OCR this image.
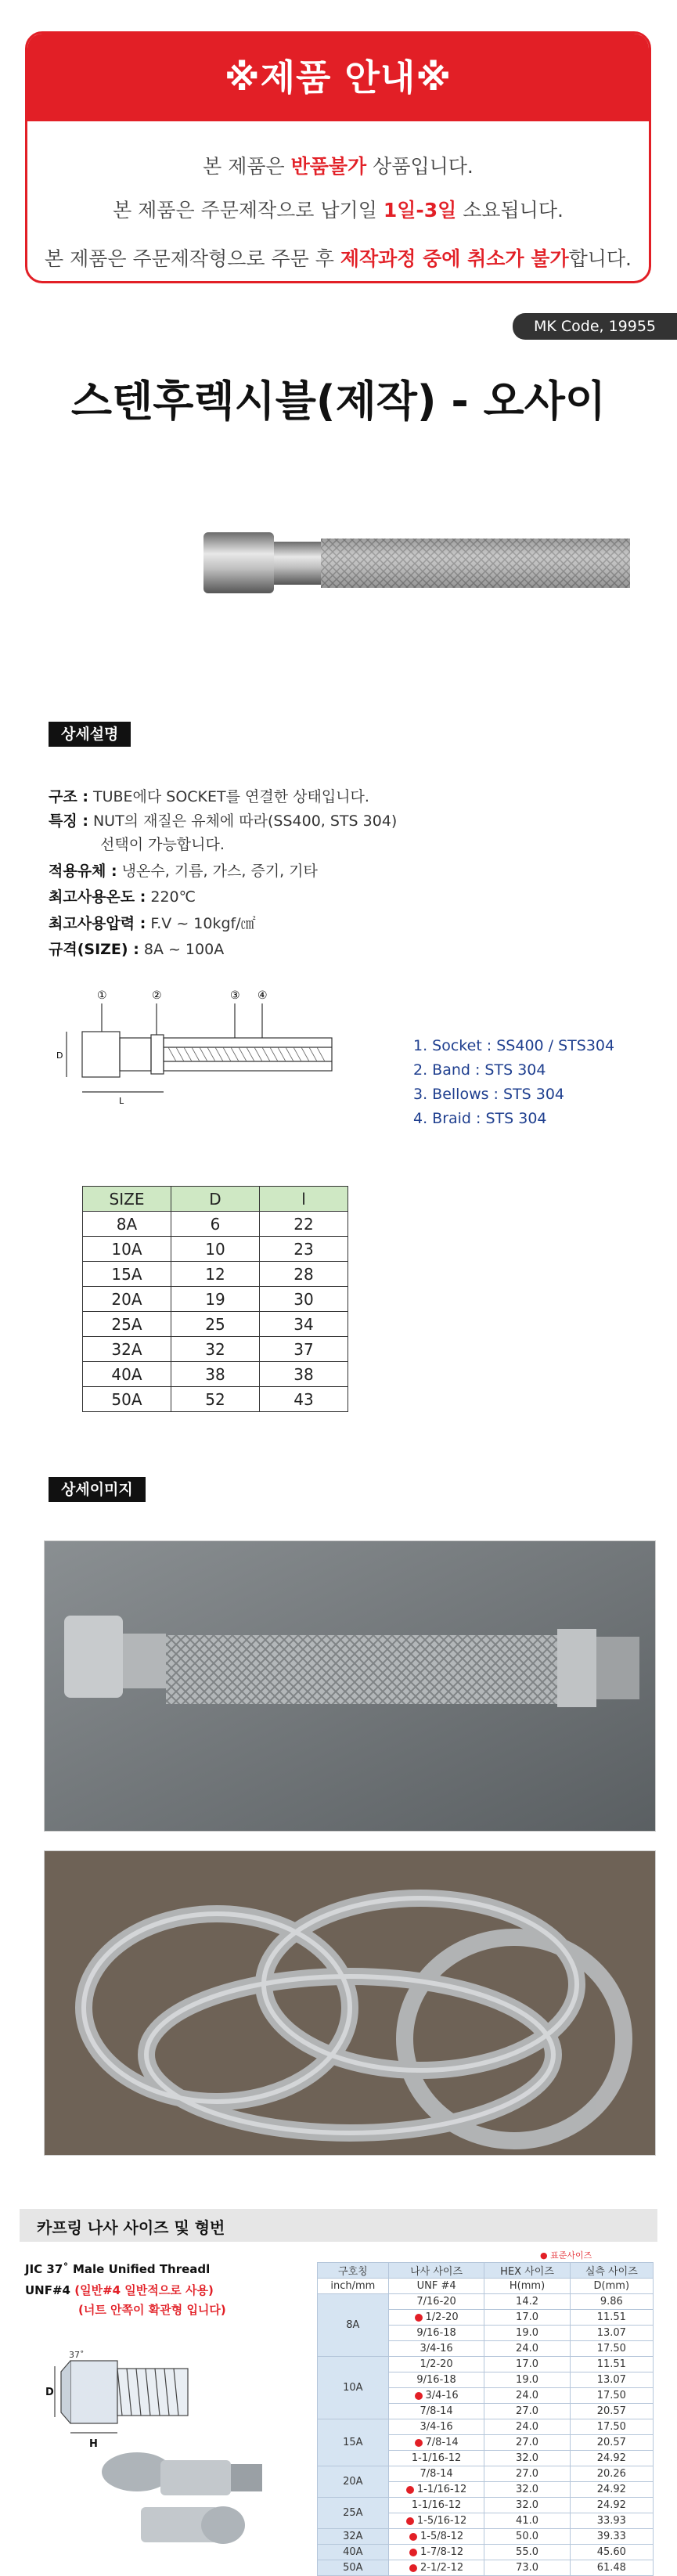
※제품 안내※
본 제품은 반품불가 상품입니다.
본 제품은 주문제작으로 납기일 1일-3일 소요됩니다.
본 제품은 주문제작형으로 주문 후 제작과정 중에 취소가 불가합니다.
MK Code, 19955
스텐후렉시블(제작) - 오사이
상세설명
구조 : TUBE에다 SOCKET를 연결한 상태입니다.
특징 : NUT의 재질은 유체에 따라(SS400, STS 304)
선택이 가능합니다.
적용유체 : 냉온수, 기름, 가스, 증기, 기타
최고사용온도 : 220℃
최고사용압력 : F.V ~ 10kgf/㎠
규격(SIZE) : 8A ~ 100A
①	②	③ ④
D
L
1. Socket : SS400 / STS304
2. Band : STS 304
3. Bellows : STS 304
4. Braid : STS 304
SIZE	D	l
8A	6	22
10A	10	23
15A	12	28
20A	19	30
25A	25	34
32A	32	37
40A	38	38
50A	52	43
상세이미지
카프링 나사 사이즈 및 형번
JIC 37˚ Male Unified Threadl
UNF#4 (일반#4 일반적으로 사용)
(너트 안쪽이 확관형 입니다)
37˚
D
H
● 표준사이즈
구호칭	나사 사이즈	HEX 사이즈	실측 사이즈
inch/mm	UNF #4	H(mm)	D(mm)
8A	7/16-20	14.2	9.86
	1/2-20	17.0	11.51
	9/16-18	19.0	13.07
	3/4-16	24.0	17.50
10A	1/2-20	17.0	11.51
	9/16-18	19.0	13.07
	3/4-16	24.0	17.50
	7/8-14	27.0	20.57
15A	3/4-16	24.0	17.50
	7/8-14	27.0	20.57
	1-1/16-12	32.0	24.92
20A	7/8-14	27.0	20.26
	1-1/16-12	32.0	24.92
25A	1-1/16-12	32.0	24.92
	1-5/16-12	41.0	33.93
32A	1-5/8-12	50.0	39.33
40A	1-7/8-12	55.0	45.60
50A	2-1/2-12	73.0	61.48
